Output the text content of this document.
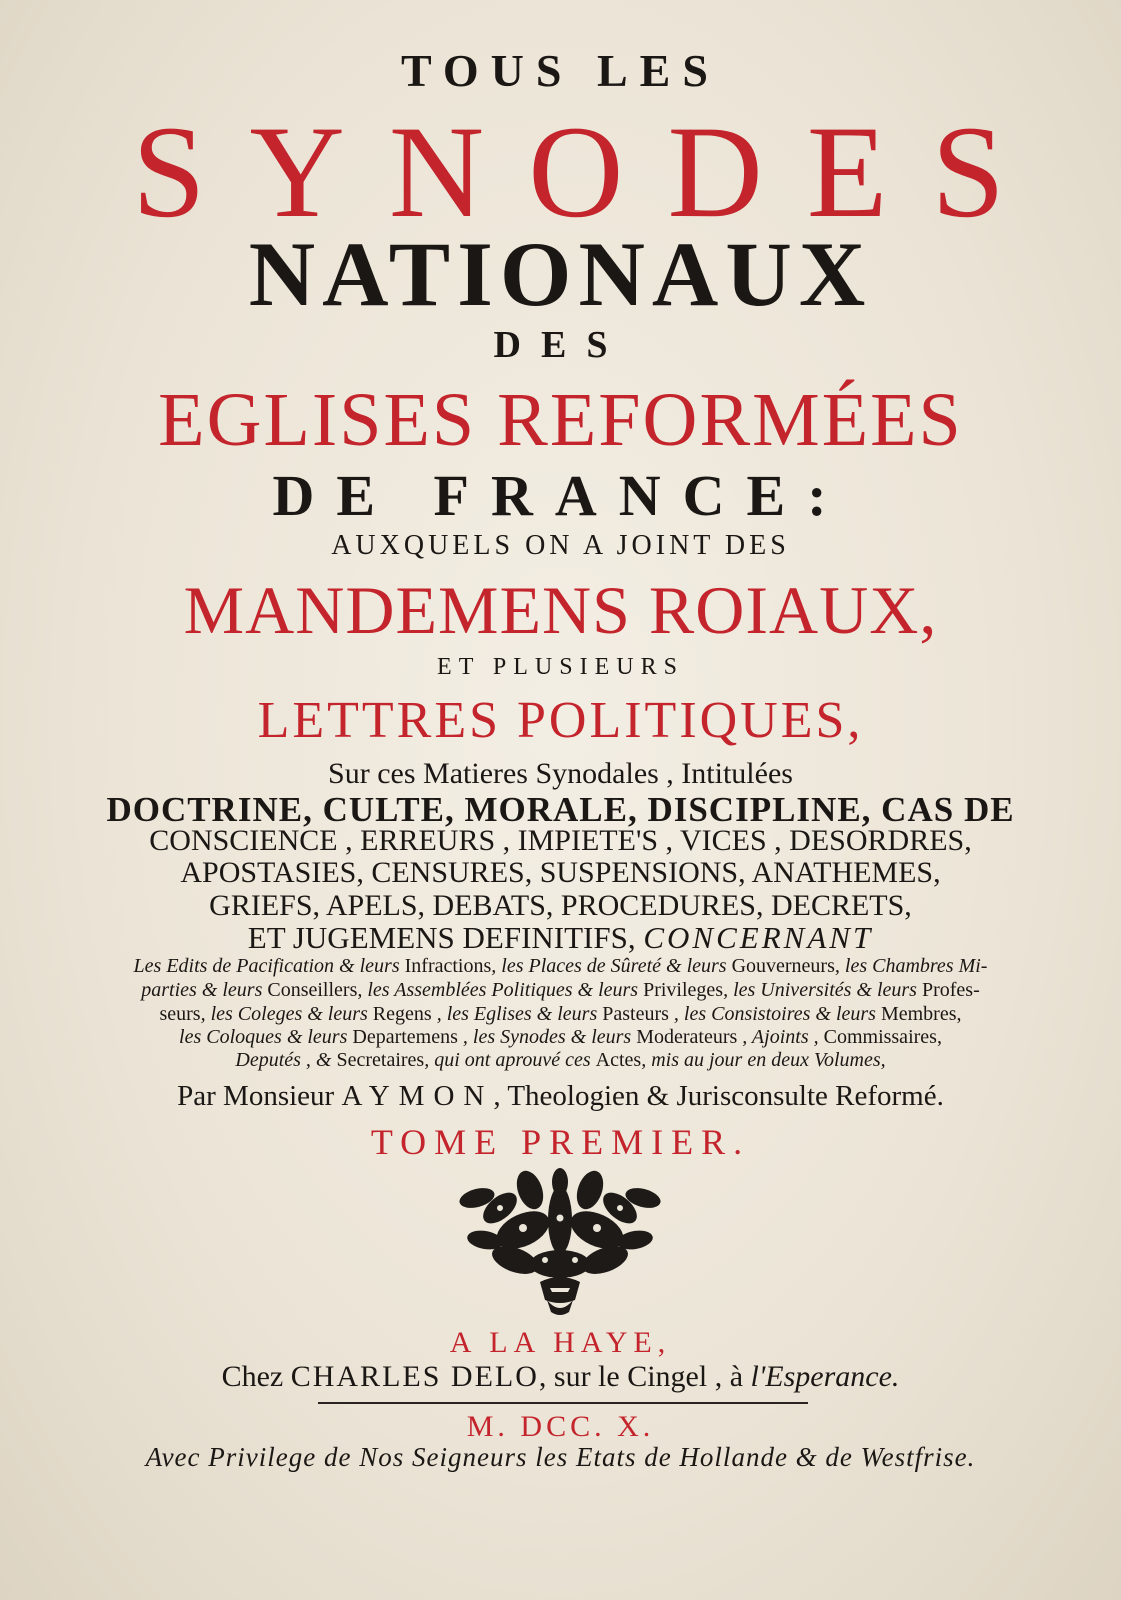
TOUS LES
SYNODES
NATIONAUX
DES
EGLISES REFORMÉES
DE FRANCE:
AUXQUELS ON A JOINT DES
MANDEMENS ROIAUX,
ET PLUSIEURS
LETTRES POLITIQUES,
Sur ces Matieres Synodales , Intitulées
DOCTRINE, CULTE, MORALE, DISCIPLINE, CAS DE
CONSCIENCE , ERREURS , IMPIETE'S , VICES , DESORDRES,
APOSTASIES, CENSURES, SUSPENSIONS, ANATHEMES,
GRIEFS, APELS, DEBATS, PROCEDURES, DECRETS,
ET JUGEMENS DEFINITIFS, CONCERNANT
Les Edits de Pacification & leurs Infractions, les Places de Sûreté & leurs Gouverneurs, les Chambres Mi-
parties & leurs Conseillers, les Assemblées Politiques & leurs Privileges, les Universités & leurs Profes-
seurs, les Coleges & leurs Regens , les Eglises & leurs Pasteurs , les Consistoires & leurs Membres,
les Coloques & leurs Departemens , les Synodes & leurs Moderateurs , Ajoints , Commissaires,
Deputés , & Secretaires, qui ont aprouvé ces Actes, mis au jour en deux Volumes,
Par Monsieur AYMON, Theologien & Jurisconsulte Reformé.
TOME PREMIER.
A LA HAYE,
Chez CHARLES DELO, sur le Cingel , à l'Esperance.
M. DCC. X.
Avec Privilege de Nos Seigneurs les Etats de Hollande & de Westfrise.
